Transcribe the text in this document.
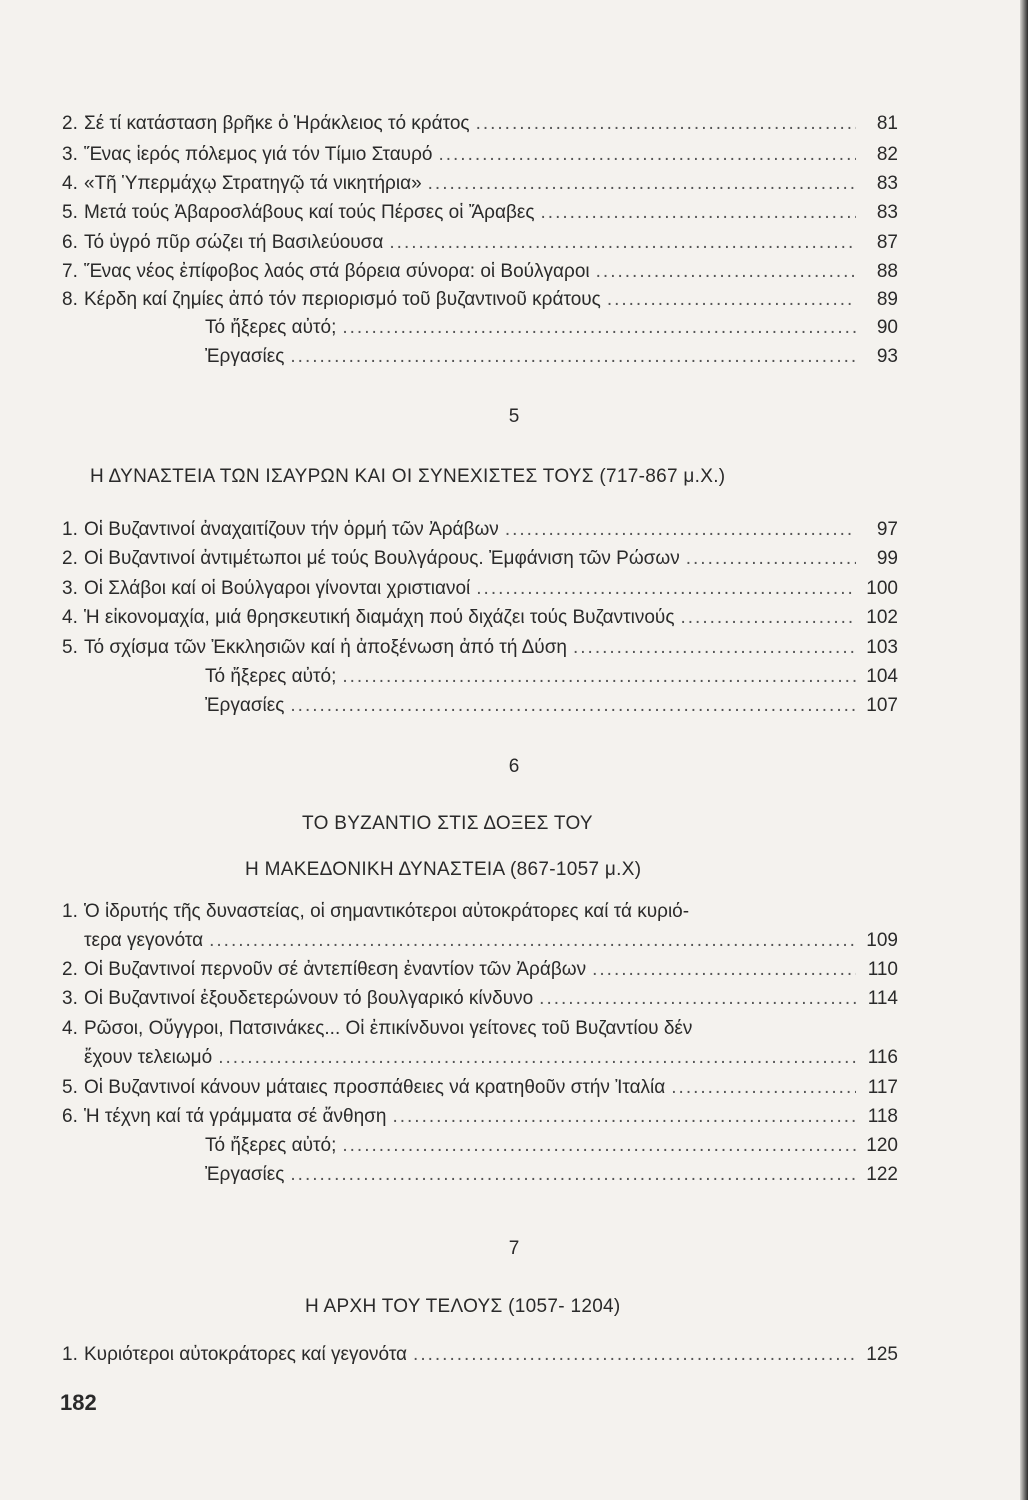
2. Σέ τί κατάσταση βρῆκε ὁ Ἡράκλειος τό κράτος .....	81
3. Ἕνας ἱερός πόλεμος γιά τόν Τίμιο Σταυρό .....	82
4. «Τῆ Ὑπερμάχῳ Στρατηγῷ τά νικητήρια» .....	83
5. Μετά τούς Ἀβαροσλάβους καί τούς Πέρσες οἱ Ἄραβες .....	83
6. Τό ὑγρό πῦρ σώζει τή Βασιλεύουσα .....	87
7. Ἕνας νέος ἐπίφοβος λαός στά βόρεια σύνορα: οἱ Βούλγαροι .....	88
8. Κέρδη καί ζημίες ἀπό τόν περιορισμό τοῦ βυζαντινοῦ κράτους .....	89
Τό ἤξερες αὐτό; .....	90
Ἐργασίες .....	93
5
Η ΔΥΝΑΣΤΕΙΑ ΤΩΝ ΙΣΑΥΡΩΝ ΚΑΙ ΟΙ ΣΥΝΕΧΙΣΤΕΣ ΤΟΥΣ (717-867 μ.Χ.)
1. Οἱ Βυζαντινοί ἀναχαιτίζουν τήν ὁρμή τῶν Ἀράβων .....	97
2. Οἱ Βυζαντινοί ἀντιμέτωποι μέ τούς Βουλγάρους. Ἐμφάνιση τῶν Ρώσων .....	99
3. Οἱ Σλάβοι καί οἱ Βούλγαροι γίνονται χριστιανοί .....	100
4. Ἡ εἰκονομαχία, μιά θρησκευτική διαμάχη πού διχάζει τούς Βυζαντινούς .....	102
5. Τό σχίσμα τῶν Ἐκκλησιῶν καί ἡ ἀποξένωση ἀπό τή Δύση .....	103
Τό ἤξερες αὐτό; .....	104
Ἐργασίες .....	107
6
ΤΟ ΒΥΖΑΝΤΙΟ ΣΤΙΣ ΔΟΞΕΣ ΤΟΥ
Η ΜΑΚΕΔΟΝΙΚΗ ΔΥΝΑΣΤΕΙΑ (867-1057 μ.Χ)
1. Ὁ ἱδρυτής τῆς δυναστείας, οἱ σημαντικότεροι αὐτοκράτορες καί τά κυριό-
τερα γεγονότα .....	109
2. Οἱ Βυζαντινοί περνοῦν σέ ἀντεπίθεση ἐναντίον τῶν Ἀράβων .....	110
3. Οἱ Βυζαντινοί ἐξουδετερώνουν τό βουλγαρικό κίνδυνο .....	114
4. Ρῶσοι, Οὔγγροι, Πατσινάκες... Οἱ ἐπικίνδυνοι γείτονες τοῦ Βυζαντίου δέν
ἔχουν τελειωμό .....	116
5. Οἱ Βυζαντινοί κάνουν μάταιες προσπάθειες νά κρατηθοῦν στήν Ἰταλία .....	117
6. Ἡ τέχνη καί τά γράμματα σέ ἄνθηση .....	118
Τό ἤξερες αὐτό; .....	120
Ἐργασίες .....	122
7
Η ΑΡΧΗ ΤΟΥ ΤΕΛΟΥΣ (1057- 1204)
1. Κυριότεροι αὐτοκράτορες καί γεγονότα .....	125
182
